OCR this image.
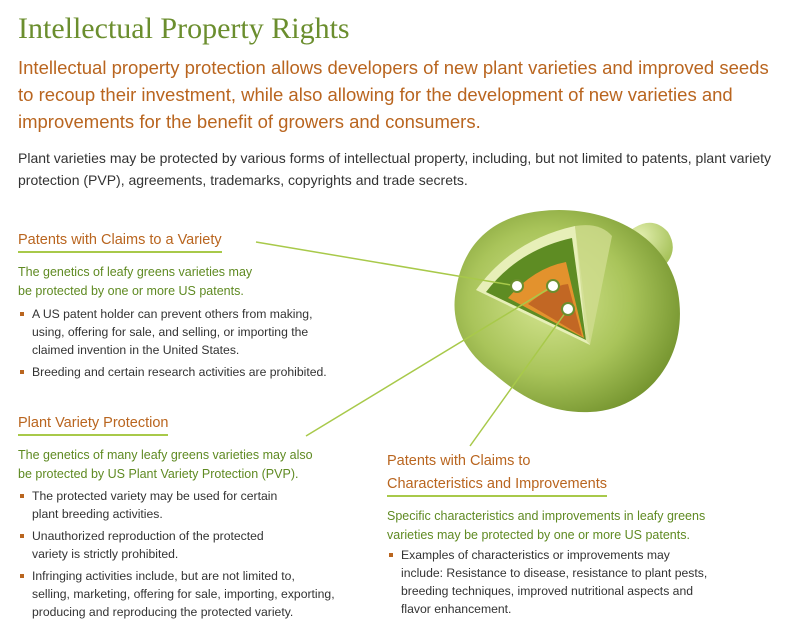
Intellectual Property Rights

Intellectual property protection allows developers of new plant varieties and improved seeds to recoup their investment, while also allowing for the development of new varieties and improvements for the benefit of growers and consumers.

Plant varieties may be protected by various forms of intellectual property, including, but not limited to patents, plant variety protection (PVP), agreements, trademarks, copyrights and trade secrets.

Patents with Claims to a Variety

The genetics of leafy greens varieties may
be protected by one or more US patents.

A US patent holder can prevent others from making,
using, offering for sale, and selling, or importing the
claimed invention in the United States.
Breeding and certain research activities are prohibited.
Plant Variety Protection

The genetics of many leafy greens varieties may also
be protected by US Plant Variety Protection (PVP).

The protected variety may be used for certain
plant breeding activities.
Unauthorized reproduction of the protected
variety is strictly prohibited.
Infringing activities include, but are not limited to,
selling, marketing, offering for sale, importing, exporting,
producing and reproducing the protected variety.
Patents with Claims to
Characteristics and Improvements

Specific characteristics and improvements in leafy greens
varieties may be protected by one or more US patents.

Examples of characteristics or improvements may
include: Resistance to disease, resistance to plant pests,
breeding techniques, improved nutritional aspects and
flavor enhancement.
